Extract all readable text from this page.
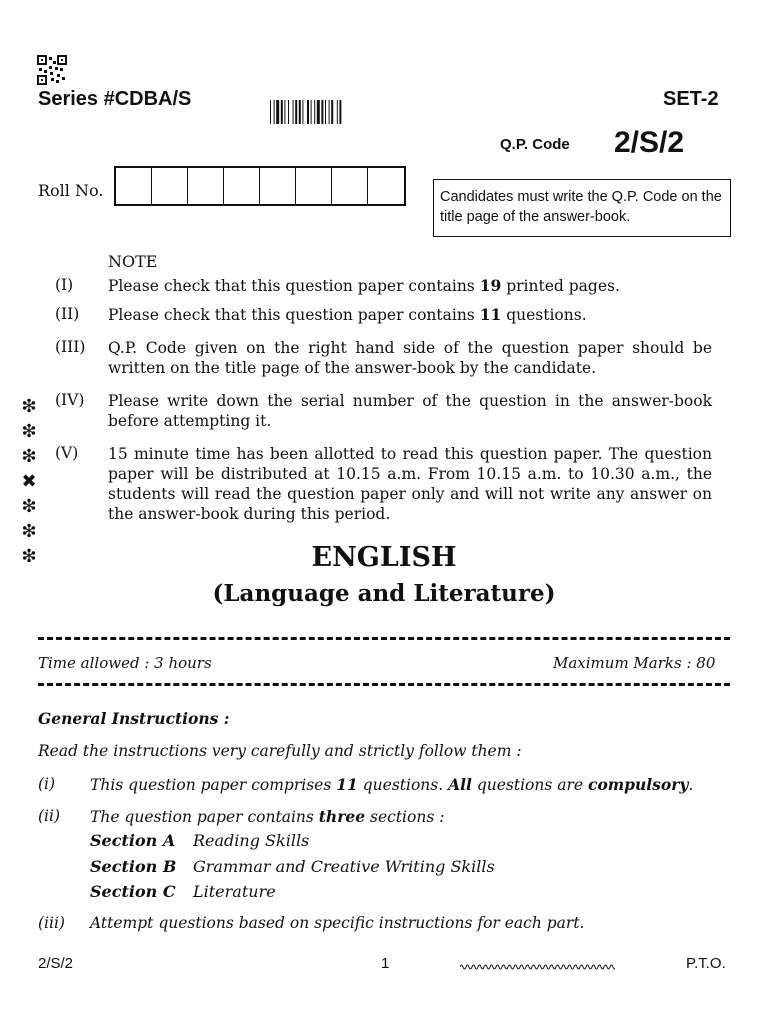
Series #CDBA/S	SET-2
Q.P. Code 2/S/2
Roll No.	Candidates must write the Q.P. Code on the title page of the answer-book.
NOTE
(I) Please check that this question paper contains 19 printed pages.
(II) Please check that this question paper contains 11 questions.
(III) Q.P. Code given on the right hand side of the question paper should be written on the title page of the answer-book by the candidate.
(IV) Please write down the serial number of the question in the answer-book before attempting it.
(V) 15 minute time has been allotted to read this question paper. The question paper will be distributed at 10.15 a.m. From 10.15 a.m. to 10.30 a.m., the students will read the question paper only and will not write any answer on the answer-book during this period.
❇
❇
❇
✖
❇
❇
❇	ENGLISH
(Language and Literature)
Time allowed : 3 hours	Maximum Marks : 80
General Instructions :
Read the instructions very carefully and strictly follow them :
(i) This question paper comprises 11 questions. All questions are compulsory.
(ii) The question paper contains three sections :
Section A Reading Skills
Section B Grammar and Creative Writing Skills
Section C Literature
(iii) Attempt questions based on specific instructions for each part.
2/S/2	1	P.T.O.
